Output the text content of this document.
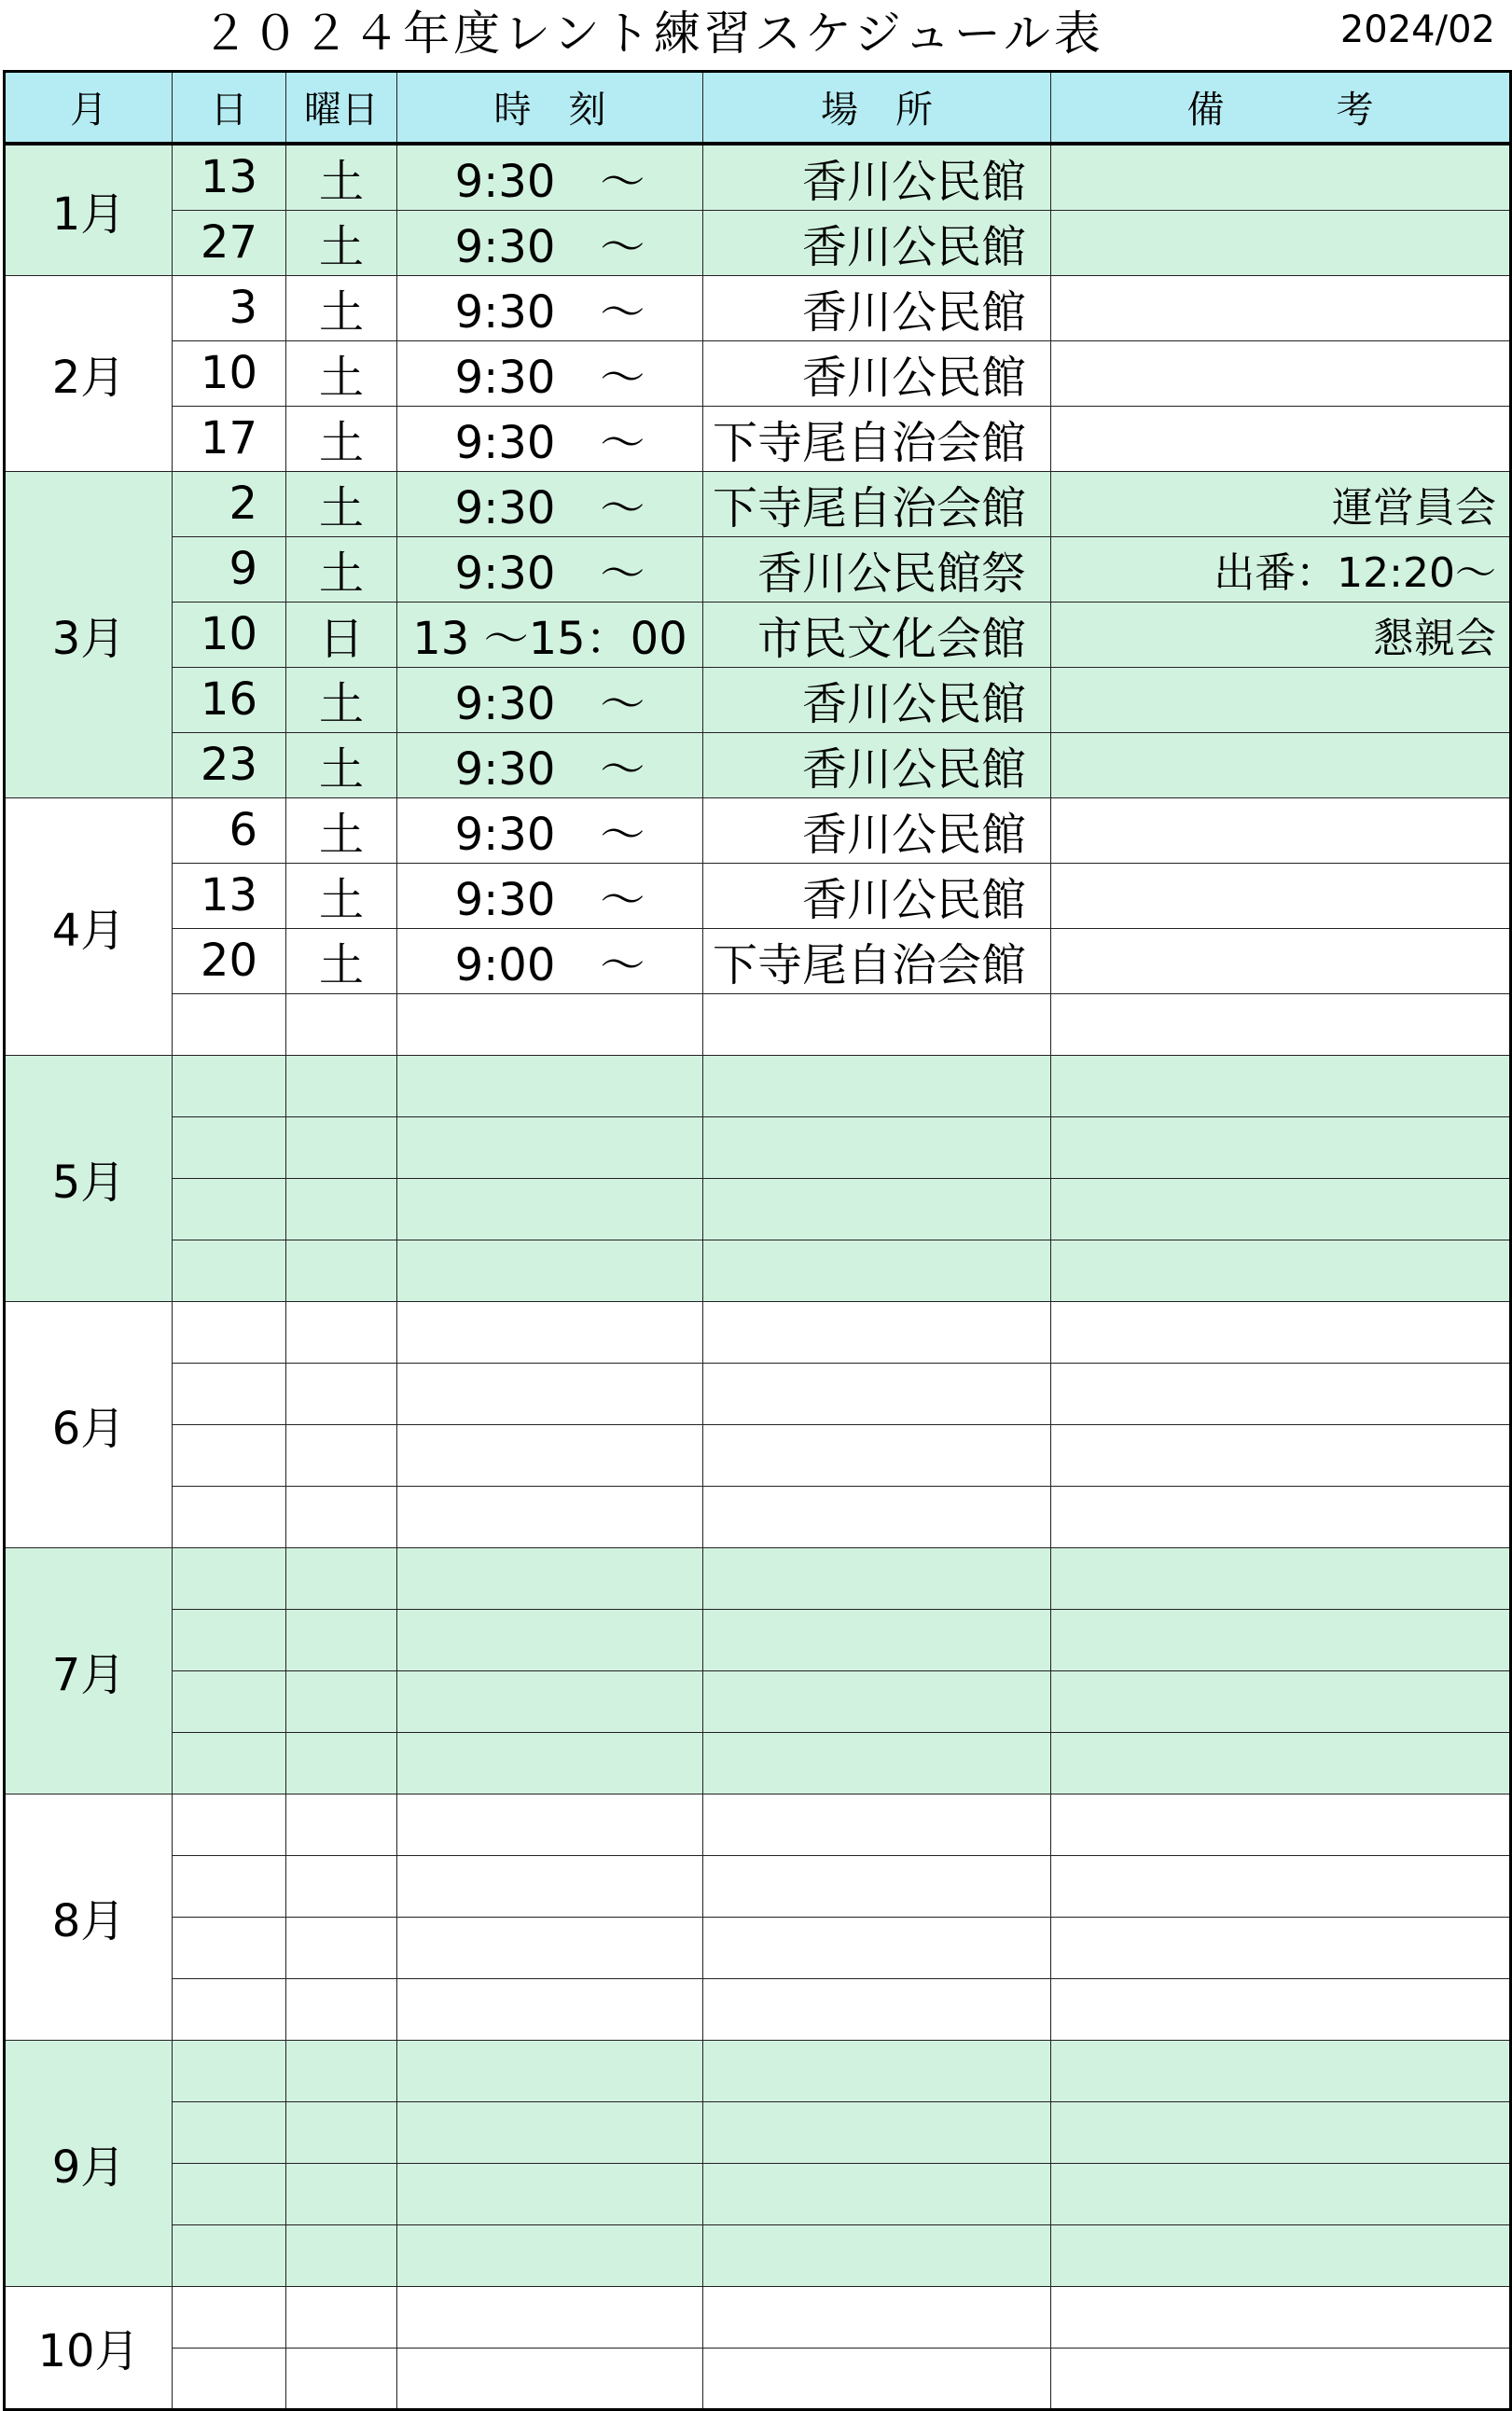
２０２４年度レント練習スケジュール表	2024/02
月	日	曜日	時　刻	場　所	備　　　考
1月	13	土	9:30　～	香川公民館	
	27	土	9:30　～	香川公民館	
2月	3	土	9:30　～	香川公民館	
	10	土	9:30　～	香川公民館	
	17	土	9:30　～	下寺尾自治会館	
3月	2	土	9:30　～	下寺尾自治会館	運営員会
	9	土	9:30　～	香川公民館祭	出番：12:20～
	10	日	13 ～15：00	市民文化会館	懇親会
	16	土	9:30　～	香川公民館	
	23	土	9:30　～	香川公民館	
4月	6	土	9:30　～	香川公民館	
	13	土	9:30　～	香川公民館	
	20	土	9:00　～	下寺尾自治会館	

5月					

6月					

7月					

8月					

9月					

10月					
